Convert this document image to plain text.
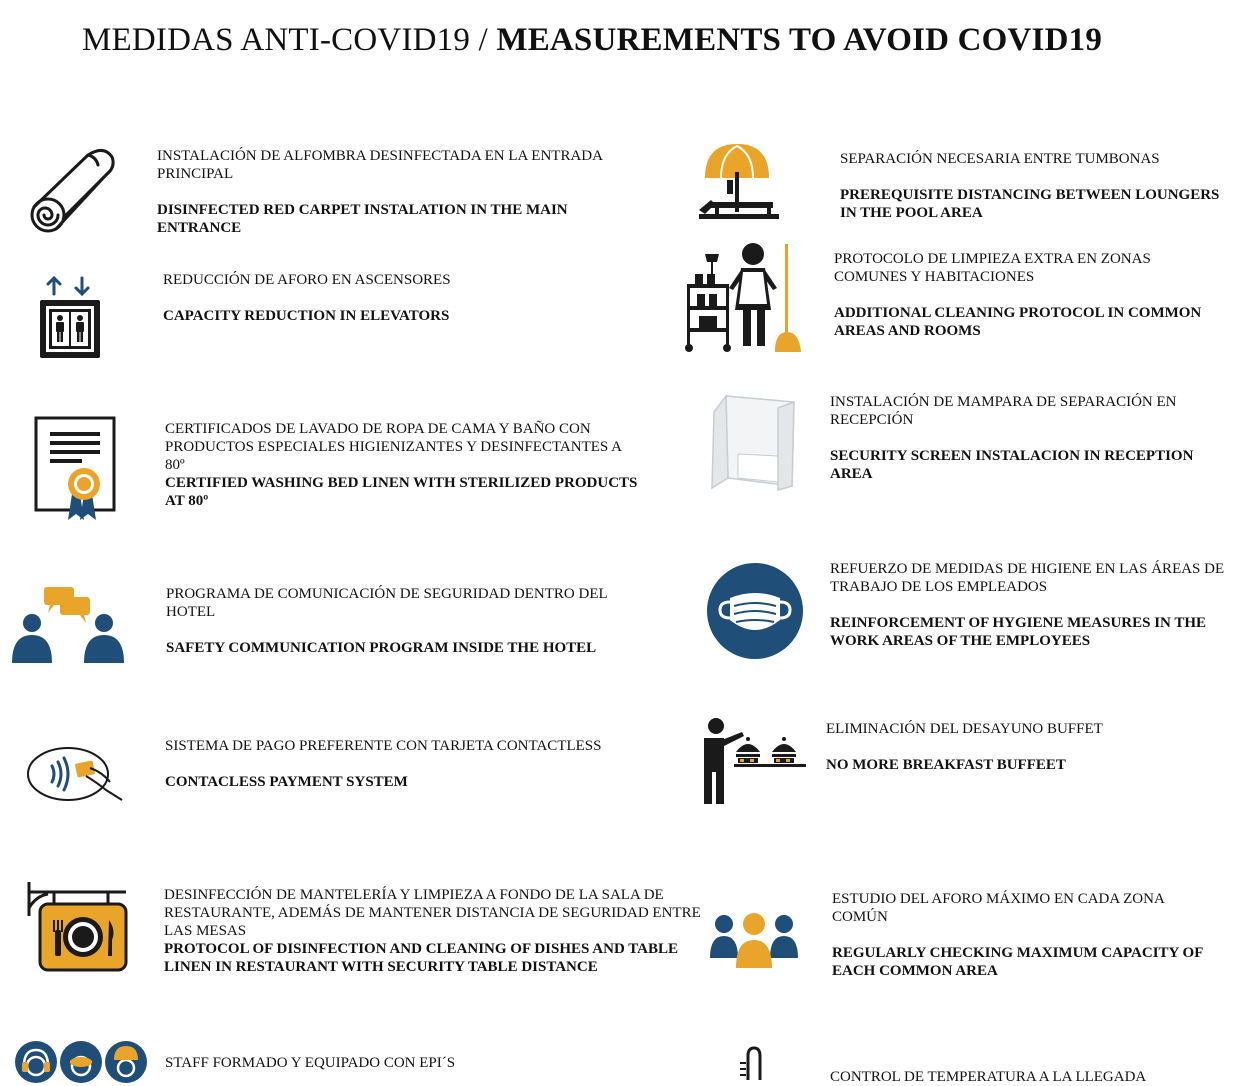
MEDIDAS ANTI-COVID19 / MEASUREMENTS TO AVOID COVID19
INSTALACIÓN DE ALFOMBRA DESINFECTADA EN LA ENTRADA PRINCIPAL
DISINFECTED RED CARPET INSTALATION IN THE MAIN ENTRANCE
REDUCCIÓN DE AFORO EN ASCENSORES
CAPACITY REDUCTION IN ELEVATORS
CERTIFICADOS DE LAVADO DE ROPA DE CAMA Y BAÑO CON PRODUCTOS ESPECIALES HIGIENIZANTES Y DESINFECTANTES A 80º
CERTIFIED WASHING BED LINEN WITH STERILIZED PRODUCTS AT 80º
PROGRAMA DE COMUNICACIÓN DE SEGURIDAD DENTRO DEL HOTEL
SAFETY COMMUNICATION PROGRAM INSIDE THE HOTEL
SISTEMA DE PAGO PREFERENTE CON TARJETA CONTACTLESS
CONTACLESS PAYMENT SYSTEM
DESINFECCIÓN DE MANTELERÍA Y LIMPIEZA A FONDO DE LA SALA DE RESTAURANTE, ADEMÁS DE MANTENER DISTANCIA DE SEGURIDAD ENTRE LAS MESAS
PROTOCOL OF DISINFECTION AND CLEANING OF DISHES AND TABLE LINEN IN RESTAURANT WITH SECURITY TABLE DISTANCE
STAFF FORMADO Y EQUIPADO CON EPI´S
SEPARACIÓN NECESARIA ENTRE TUMBONAS
PREREQUISITE DISTANCING BETWEEN LOUNGERS IN THE POOL AREA
PROTOCOLO DE LIMPIEZA EXTRA EN ZONAS COMUNES Y HABITACIONES
ADDITIONAL CLEANING PROTOCOL IN COMMON AREAS AND ROOMS
INSTALACIÓN DE MAMPARA DE SEPARACIÓN EN RECEPCIÓN
SECURITY SCREEN INSTALACION IN RECEPTION AREA
REFUERZO DE MEDIDAS DE HIGIENE EN LAS ÁREAS DE TRABAJO DE LOS EMPLEADOS
REINFORCEMENT OF HYGIENE MEASURES IN THE WORK AREAS OF THE EMPLOYEES
ELIMINACIÓN DEL DESAYUNO BUFFET
NO MORE BREAKFAST BUFFEET
ESTUDIO DEL AFORO MÁXIMO EN CADA ZONA COMÚN
REGULARLY CHECKING MAXIMUM CAPACITY OF EACH COMMON AREA
CONTROL DE TEMPERATURA A LA LLEGADA
